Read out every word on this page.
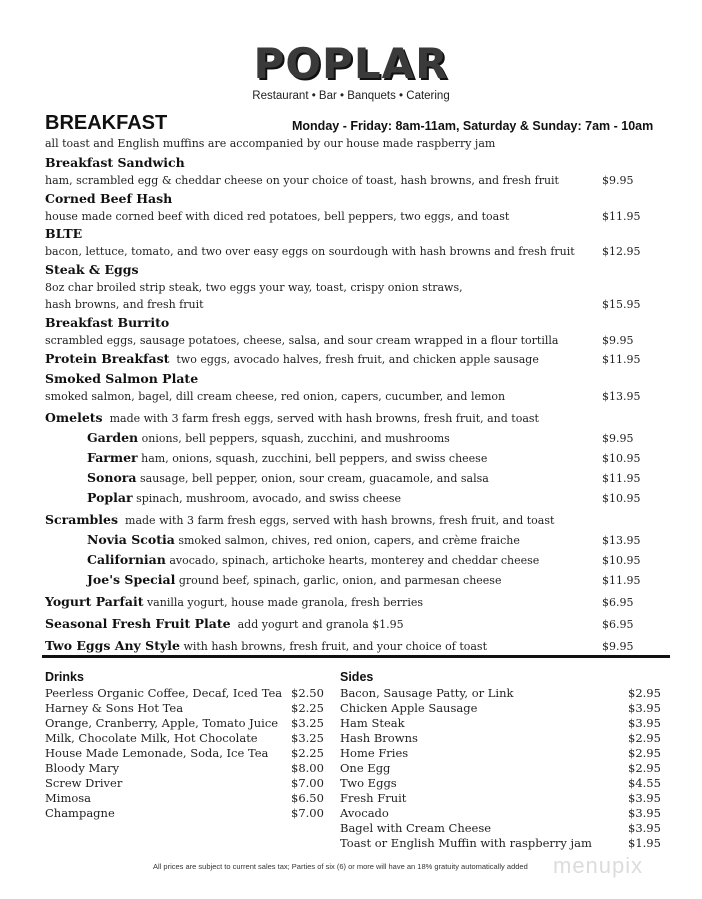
POPLAR
Restaurant • Bar • Banquets • Catering
BREAKFAST	Monday - Friday: 8am-11am, Saturday & Sunday: 7am - 10am
all toast and English muffins are accompanied by our house made raspberry jam
Breakfast Sandwich
ham, scrambled egg & cheddar cheese on your choice of toast, hash browns, and fresh fruit	$9.95
Corned Beef Hash
house made corned beef with diced red potatoes, bell peppers, two eggs, and toast	$11.95
BLTE
bacon, lettuce, tomato, and two over easy eggs on sourdough with hash browns and fresh fruit $12.95
Steak & Eggs
8oz char broiled strip steak, two eggs your way, toast, crispy onion straws,
hash browns, and fresh fruit	$15.95
Breakfast Burrito
scrambled eggs, sausage potatoes, cheese, salsa, and sour cream wrapped in a flour tortilla	$9.95
Protein Breakfast two eggs, avocado halves, fresh fruit, and chicken apple sausage	$11.95
Smoked Salmon Plate
smoked salmon, bagel, dill cream cheese, red onion, capers, cucumber, and lemon	$13.95
Omelets made with 3 farm fresh eggs, served with hash browns, fresh fruit, and toast
Garden onions, bell peppers, squash, zucchini, and mushrooms	$9.95
Farmer ham, onions, squash, zucchini, bell peppers, and swiss cheese	$10.95
Sonora sausage, bell pepper, onion, sour cream, guacamole, and salsa	$11.95
Poplar spinach, mushroom, avocado, and swiss cheese	$10.95
Scrambles made with 3 farm fresh eggs, served with hash browns, fresh fruit, and toast
Novia Scotia smoked salmon, chives, red onion, capers, and crème fraiche	$13.95
Californian avocado, spinach, artichoke hearts, monterey and cheddar cheese	$10.95
Joe's Special ground beef, spinach, garlic, onion, and parmesan cheese	$11.95
Yogurt Parfait vanilla yogurt, house made granola, fresh berries	$6.95
Seasonal Fresh Fruit Plate add yogurt and granola $1.95	$6.95
Two Eggs Any Style with hash browns, fresh fruit, and your choice of toast	$9.95
Drinks
Peerless Organic Coffee, Decaf, Iced Tea $2.50
Harney & Sons Hot Tea	$2.25
Orange, Cranberry, Apple, Tomato Juice $3.25
Milk, Chocolate Milk, Hot Chocolate	$3.25
House Made Lemonade, Soda, Ice Tea $2.25
Bloody Mary	$8.00
Screw Driver	$7.00
Mimosa	$6.50
Champagne	$7.00
Sides
Bacon, Sausage Patty, or Link	$2.95
Chicken Apple Sausage	$3.95
Ham Steak	$3.95
Hash Browns	$2.95
Home Fries	$2.95
One Egg	$2.95
Two Eggs	$4.55
Fresh Fruit	$3.95
Avocado	$3.95
Bagel with Cream Cheese	$3.95
Toast or English Muffin with raspberry jam	$1.95
All prices are subject to current sales tax; Parties of six (6) or more will have an 18% gratuity automatically added menupix
